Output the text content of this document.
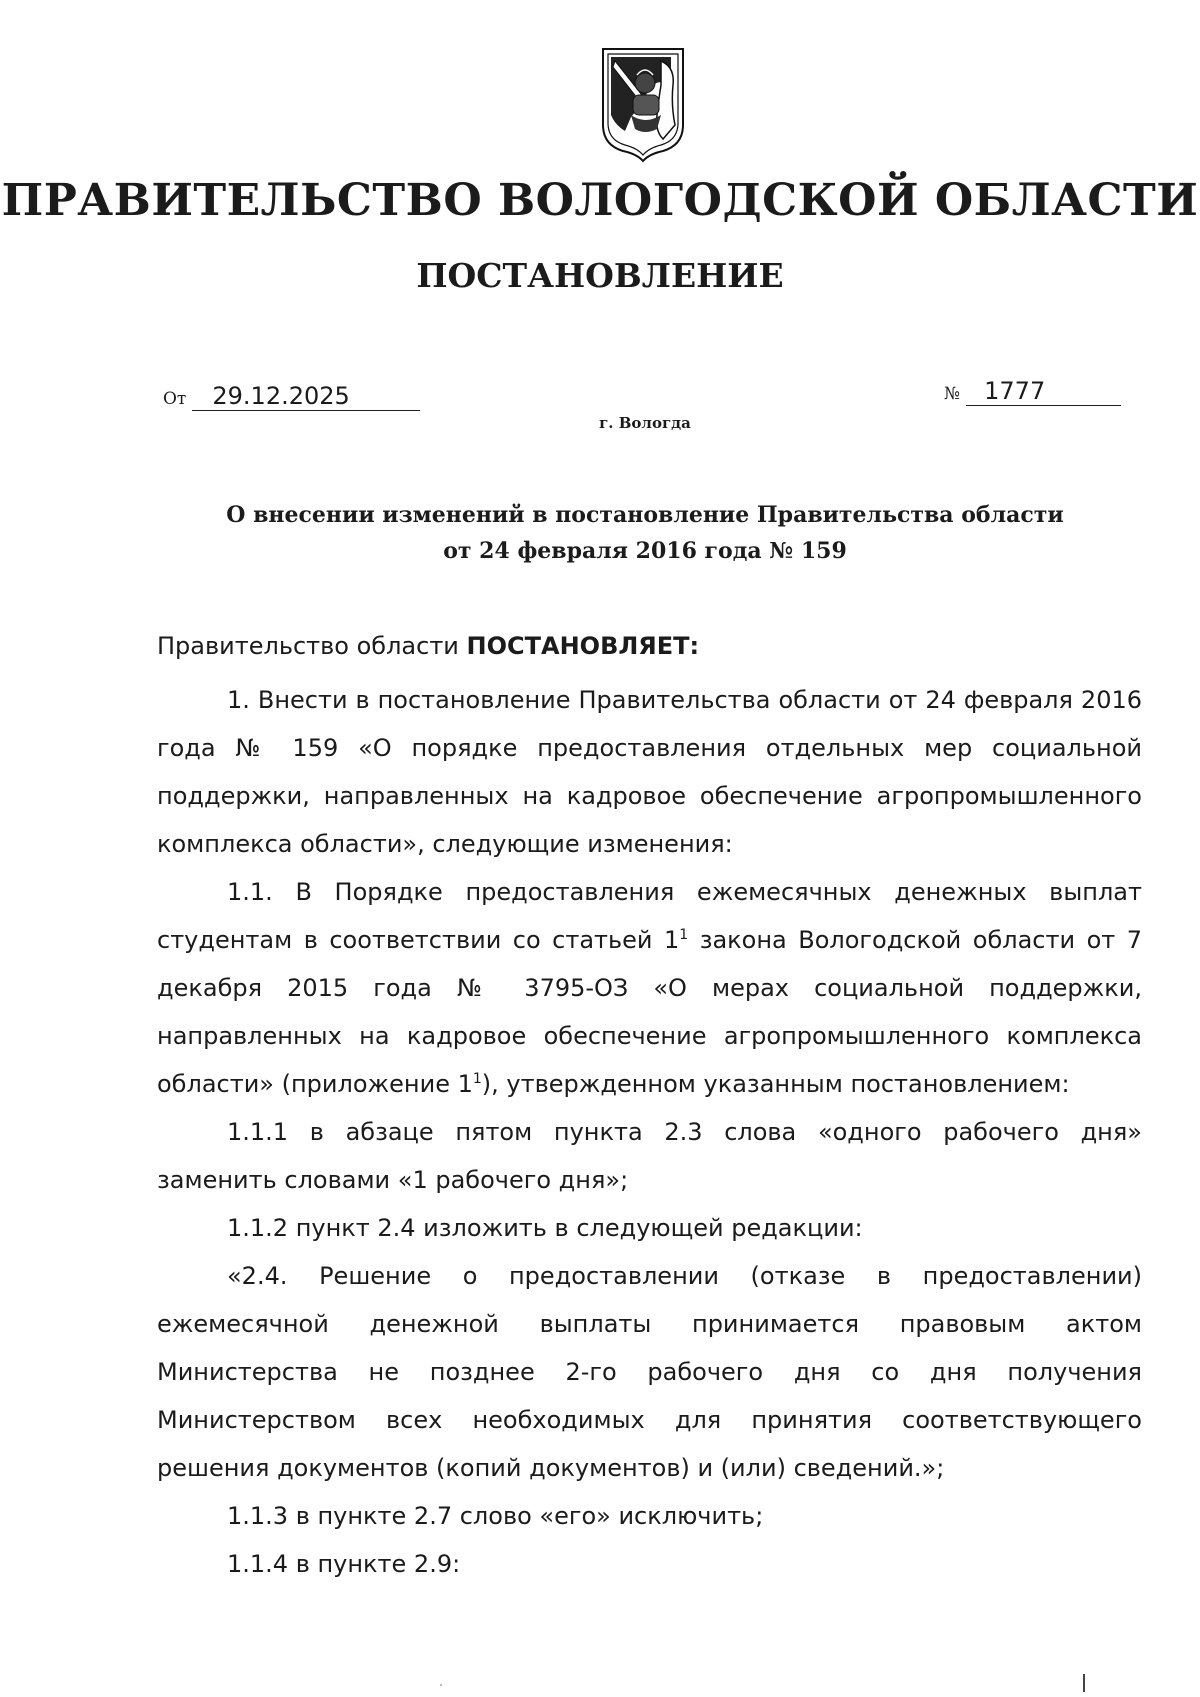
ПРАВИТЕЛЬСТВО ВОЛОГОДСКОЙ ОБЛАСТИ
ПОСТАНОВЛЕНИЕ
От 29.12.2025	№ 1777
г. Вологда
О внесении изменений в постановление Правительства области
от 24 февраля 2016 года № 159

Правительство области ПОСТАНОВЛЯЕТ:

1. Внести в постановление Правительства области от 24 февраля 2016 года № 159 «О порядке предоставления отдельных мер социальной поддержки, направленных на кадровое обеспечение агропромышленного комплекса области», следующие изменения:

1.1. В Порядке предоставления ежемесячных денежных выплат студентам в соответствии со статьей $1^1$ закона Вологодской области от 7 декабря 2015 года № 3795-ОЗ «О мерах социальной поддержки, направленных на кадровое обеспечение агропромышленного комплекса области» (приложение $1^1$), утвержденном указанным постановлением:

1.1.1 в абзаце пятом пункта 2.3 слова «одного рабочего дня» заменить словами «1 рабочего дня»;

1.1.2 пункт 2.4 изложить в следующей редакции:

«2.4. Решение о предоставлении (отказе в предоставлении) ежемесячной денежной выплаты принимается правовым актом Министерства не позднее 2-го рабочего дня со дня получения Министерством всех необходимых для принятия соответствующего решения документов (копий документов) и (или) сведений.»;

1.1.3 в пункте 2.7 слово «его» исключить;

1.1.4 в пункте 2.9:
